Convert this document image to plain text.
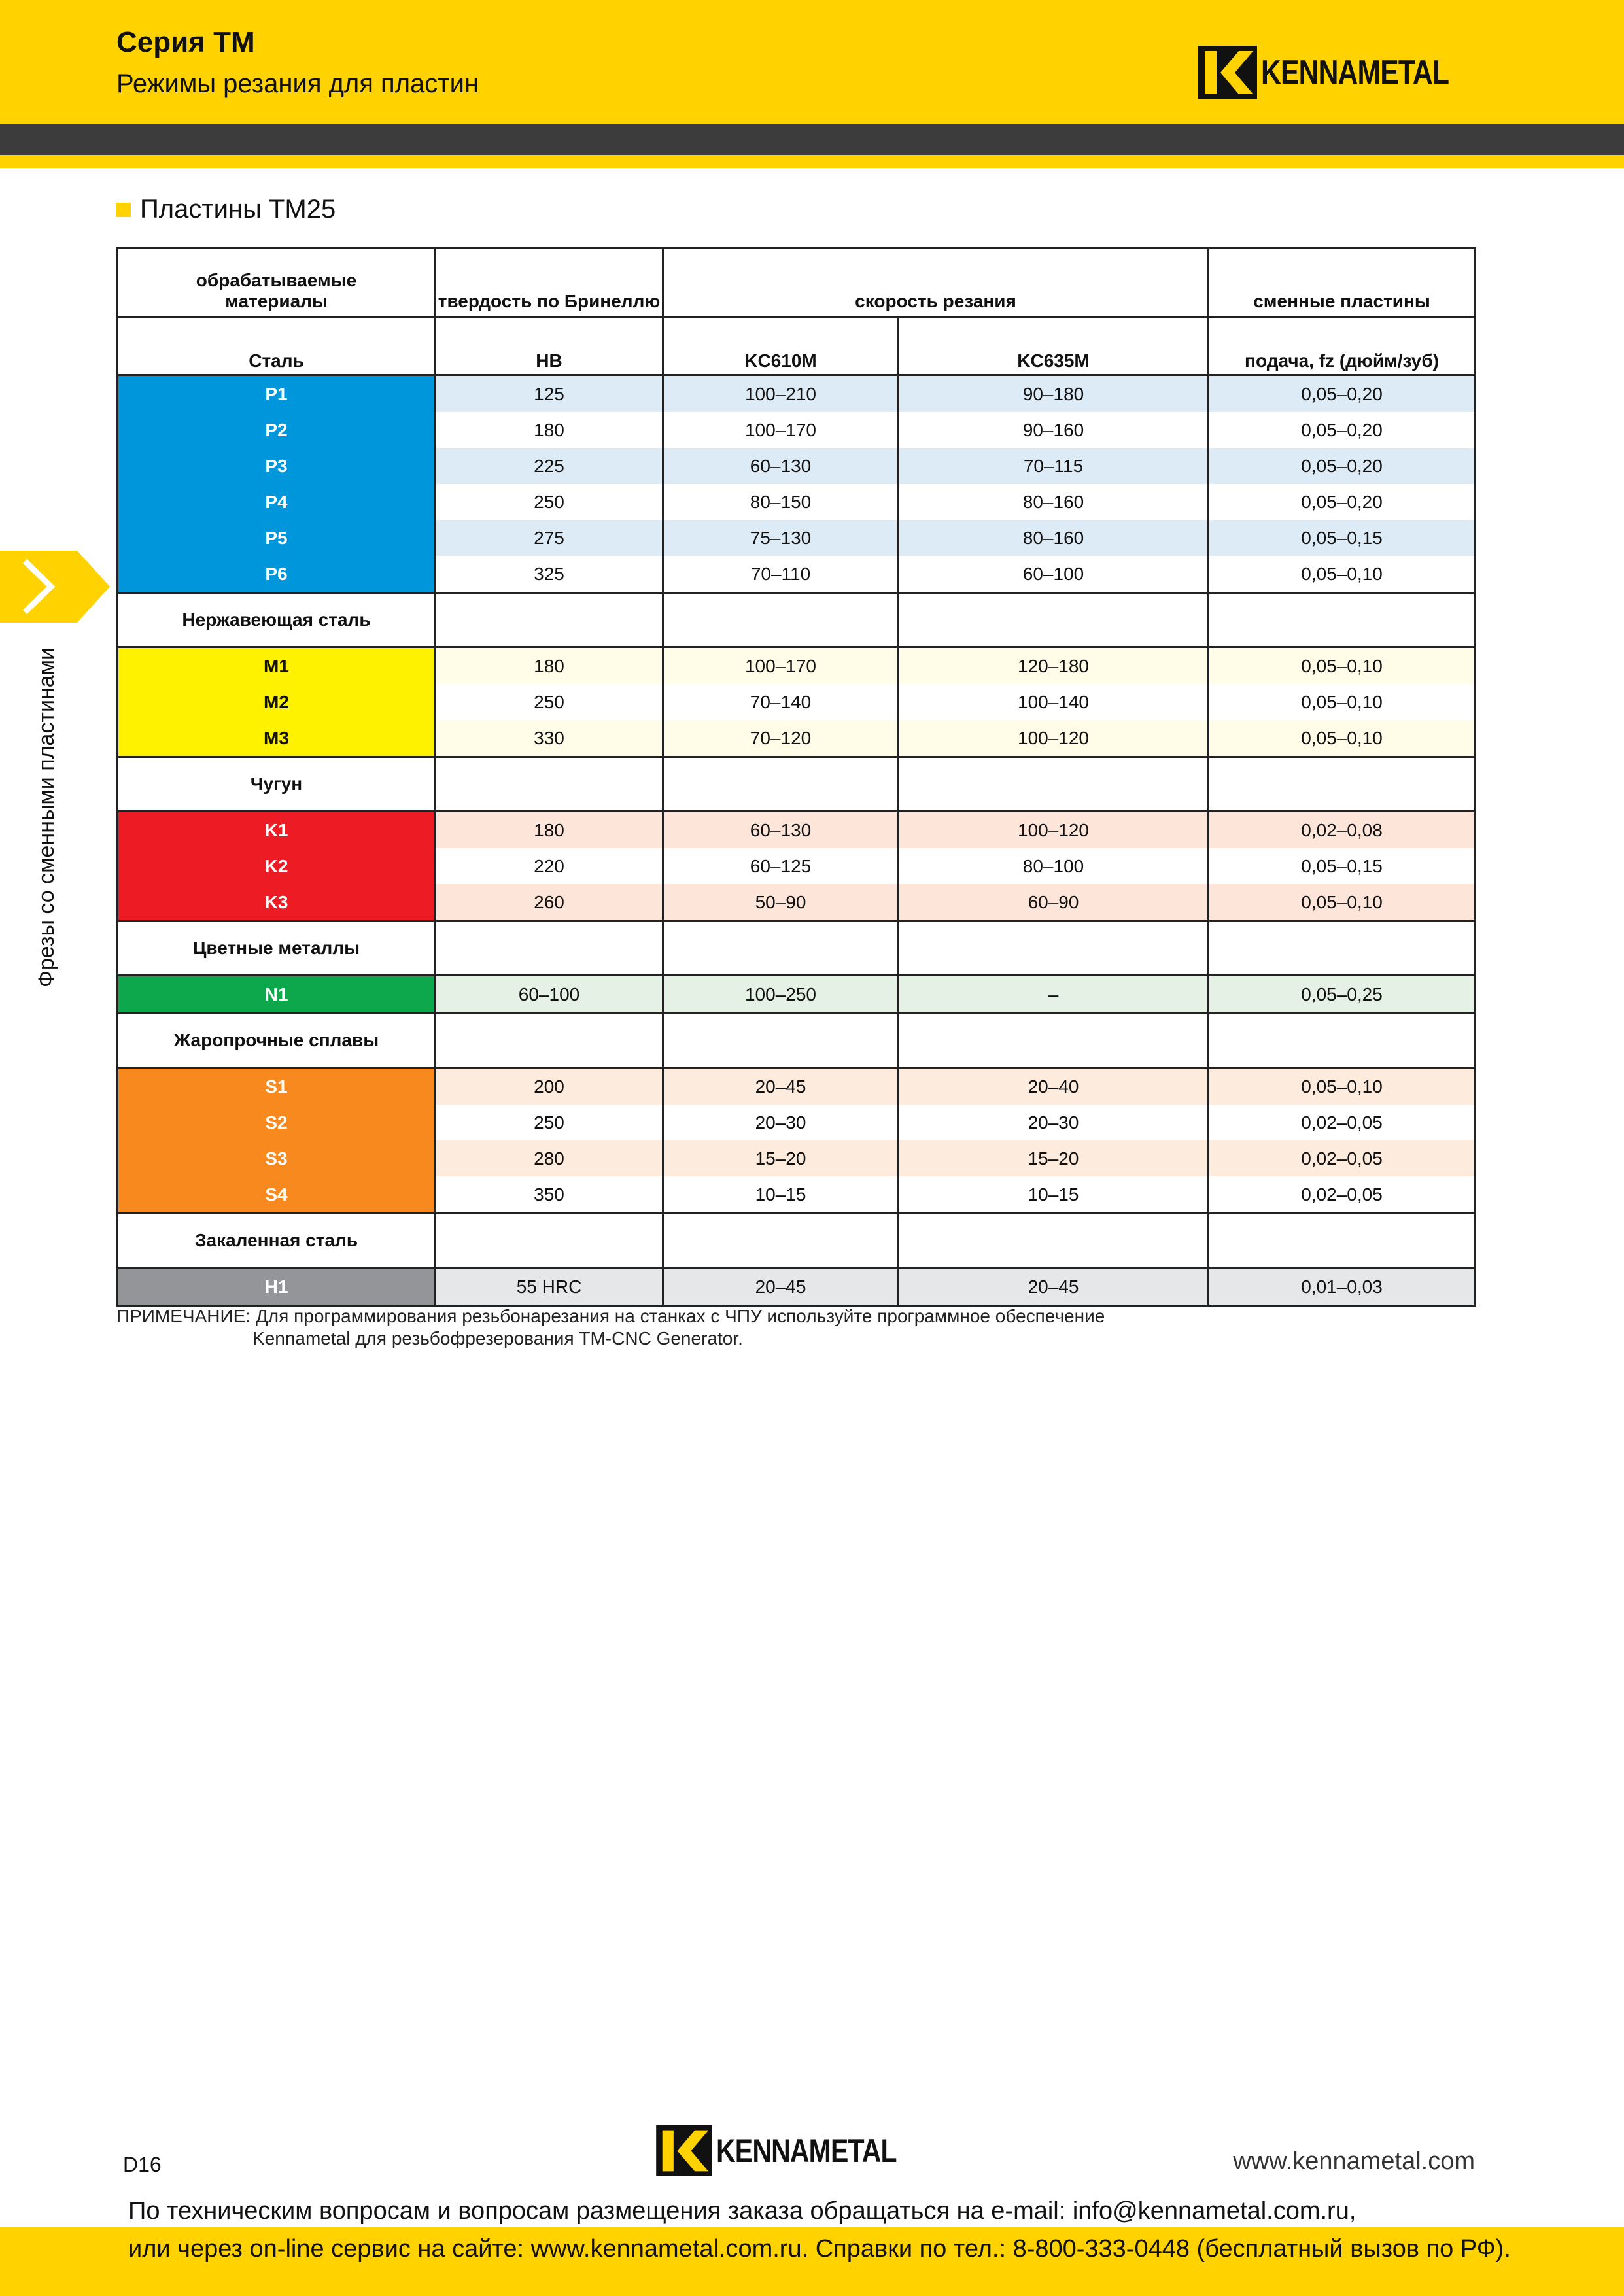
Серия TM
Режимы резания для пластин	KENNAMETAL
Фрезы со сменными пластинами
Пластины TM25
обрабатываемые материалы	твердость по Бринеллю	скорость резания		сменные пластины
Сталь	HB	KC610M	KC635M	подача, fz (дюйм/зуб)
P1	125	100–210	90–180	0,05–0,20
P2	180	100–170	90–160	0,05–0,20
P3	225	60–130	70–115	0,05–0,20
P4	250	80–150	80–160	0,05–0,20
P5	275	75–130	80–160	0,05–0,15
P6	325	70–110	60–100	0,05–0,10
Нержавеющая сталь				
M1	180	100–170	120–180	0,05–0,10
M2	250	70–140	100–140	0,05–0,10
M3	330	70–120	100–120	0,05–0,10
Чугун				
K1	180	60–130	100–120	0,02–0,08
K2	220	60–125	80–100	0,05–0,15
K3	260	50–90	60–90	0,05–0,10
Цветные металлы				
N1	60–100	100–250	–	0,05–0,25
Жаропрочные сплавы				
S1	200	20–45	20–40	0,05–0,10
S2	250	20–30	20–30	0,02–0,05
S3	280	15–20	15–20	0,02–0,05
S4	350	10–15	10–15	0,02–0,05
Закаленная сталь				
H1	55 HRC	20–45	20–45	0,01–0,03
ПРИМЕЧАНИЕ: Для программирования резьбонарезания на станках с ЧПУ используйте программное обеспечение
Kennametal для резьбофрезерования TM-CNC Generator.
D16	KENNAMETAL	www.kennametal.com
По техническим вопросам и вопросам размещения заказа обращаться на e-mail: info@kennametal.com.ru,
или через on-line сервис на сайте: www.kennametal.com.ru. Справки по тел.: 8-800-333-0448 (бесплатный вызов по РФ).
